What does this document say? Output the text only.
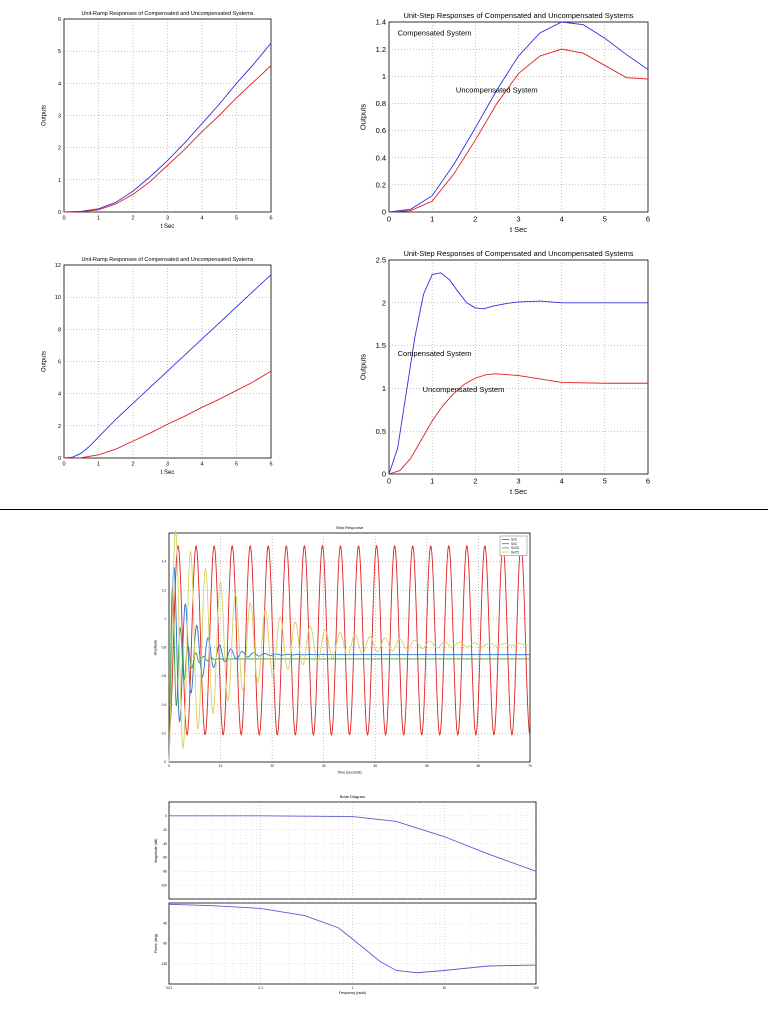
0	1	2	3	4	5	6
0
1
2
3
4
5
6
Unit-Ramp Responses of Compensated and Uncompensated Systems
t Sec
Outputs
0	1	2	3	4	5	6
0
0.2
0.4
0.6
0.8
1
1.2
1.4
Unit-Step Responses of Compensated and Uncompensated Systems
t Sec
Outputs
Compensated System
Uncompensated System
0	1	2	3	4	5	6
0
2
4
6
8
10
12
Unit-Ramp Responses of Compensated and Uncompensated Systems
t Sec
Outputs
0	1	2	3	4	5	6
0
0.5
1
1.5
2
2.5
Unit-Step Responses of Compensated and Uncompensated Systems
t Sec
Outputs
Compensated System
Uncompensated System
0	10	20	30	40	50	60	70
0
0.2
0.4
0.6
0.8
1
1.2
1.4
Step Response
Time (seconds)
Amplitude
SvC
SvC
SvC5
SvC5
-100
-80
-60
-40
-20
0
Magnitude (dB)
-135
-90
-45
Phase (deg)
0.01	0.1	1	10	100
Bode Diagram
Frequency (rad/s)
